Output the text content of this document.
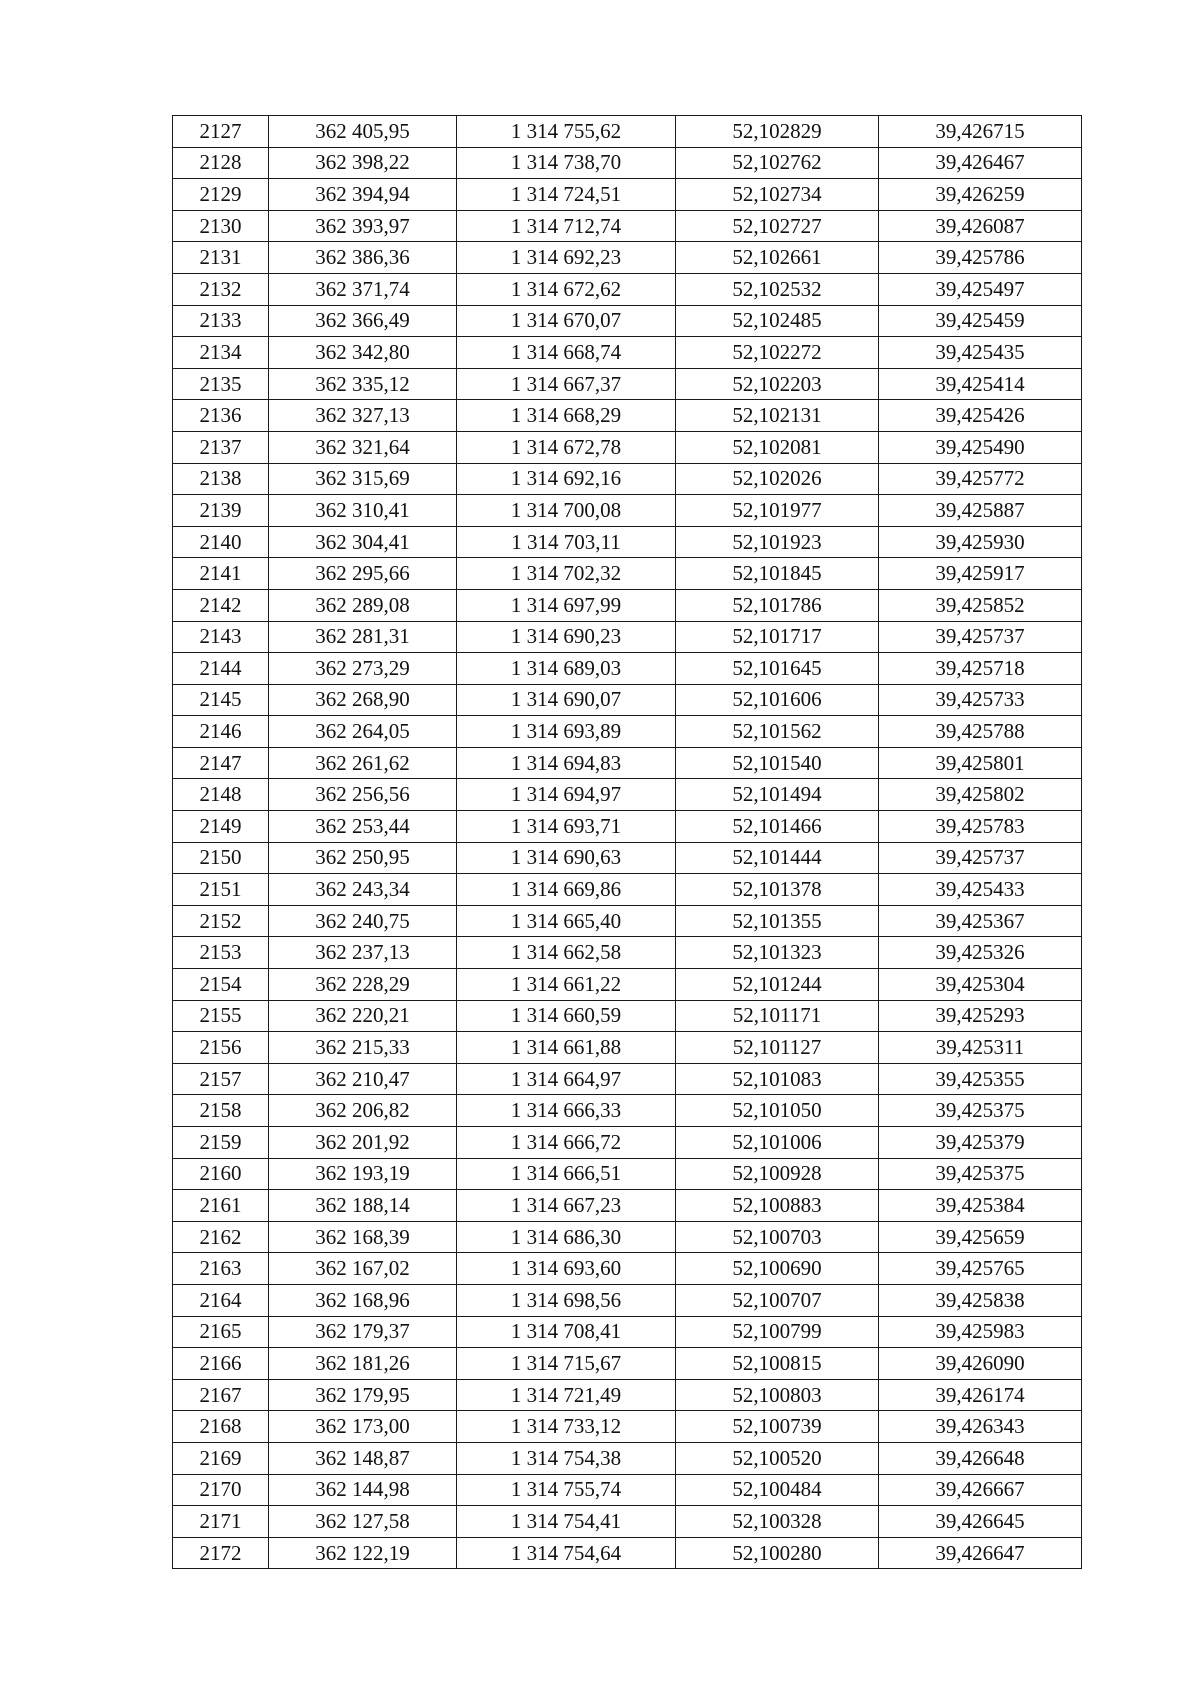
2127	362 405,95	1 314 755,62	52,102829	39,426715
2128	362 398,22	1 314 738,70	52,102762	39,426467
2129	362 394,94	1 314 724,51	52,102734	39,426259
2130	362 393,97	1 314 712,74	52,102727	39,426087
2131	362 386,36	1 314 692,23	52,102661	39,425786
2132	362 371,74	1 314 672,62	52,102532	39,425497
2133	362 366,49	1 314 670,07	52,102485	39,425459
2134	362 342,80	1 314 668,74	52,102272	39,425435
2135	362 335,12	1 314 667,37	52,102203	39,425414
2136	362 327,13	1 314 668,29	52,102131	39,425426
2137	362 321,64	1 314 672,78	52,102081	39,425490
2138	362 315,69	1 314 692,16	52,102026	39,425772
2139	362 310,41	1 314 700,08	52,101977	39,425887
2140	362 304,41	1 314 703,11	52,101923	39,425930
2141	362 295,66	1 314 702,32	52,101845	39,425917
2142	362 289,08	1 314 697,99	52,101786	39,425852
2143	362 281,31	1 314 690,23	52,101717	39,425737
2144	362 273,29	1 314 689,03	52,101645	39,425718
2145	362 268,90	1 314 690,07	52,101606	39,425733
2146	362 264,05	1 314 693,89	52,101562	39,425788
2147	362 261,62	1 314 694,83	52,101540	39,425801
2148	362 256,56	1 314 694,97	52,101494	39,425802
2149	362 253,44	1 314 693,71	52,101466	39,425783
2150	362 250,95	1 314 690,63	52,101444	39,425737
2151	362 243,34	1 314 669,86	52,101378	39,425433
2152	362 240,75	1 314 665,40	52,101355	39,425367
2153	362 237,13	1 314 662,58	52,101323	39,425326
2154	362 228,29	1 314 661,22	52,101244	39,425304
2155	362 220,21	1 314 660,59	52,101171	39,425293
2156	362 215,33	1 314 661,88	52,101127	39,425311
2157	362 210,47	1 314 664,97	52,101083	39,425355
2158	362 206,82	1 314 666,33	52,101050	39,425375
2159	362 201,92	1 314 666,72	52,101006	39,425379
2160	362 193,19	1 314 666,51	52,100928	39,425375
2161	362 188,14	1 314 667,23	52,100883	39,425384
2162	362 168,39	1 314 686,30	52,100703	39,425659
2163	362 167,02	1 314 693,60	52,100690	39,425765
2164	362 168,96	1 314 698,56	52,100707	39,425838
2165	362 179,37	1 314 708,41	52,100799	39,425983
2166	362 181,26	1 314 715,67	52,100815	39,426090
2167	362 179,95	1 314 721,49	52,100803	39,426174
2168	362 173,00	1 314 733,12	52,100739	39,426343
2169	362 148,87	1 314 754,38	52,100520	39,426648
2170	362 144,98	1 314 755,74	52,100484	39,426667
2171	362 127,58	1 314 754,41	52,100328	39,426645
2172	362 122,19	1 314 754,64	52,100280	39,426647
